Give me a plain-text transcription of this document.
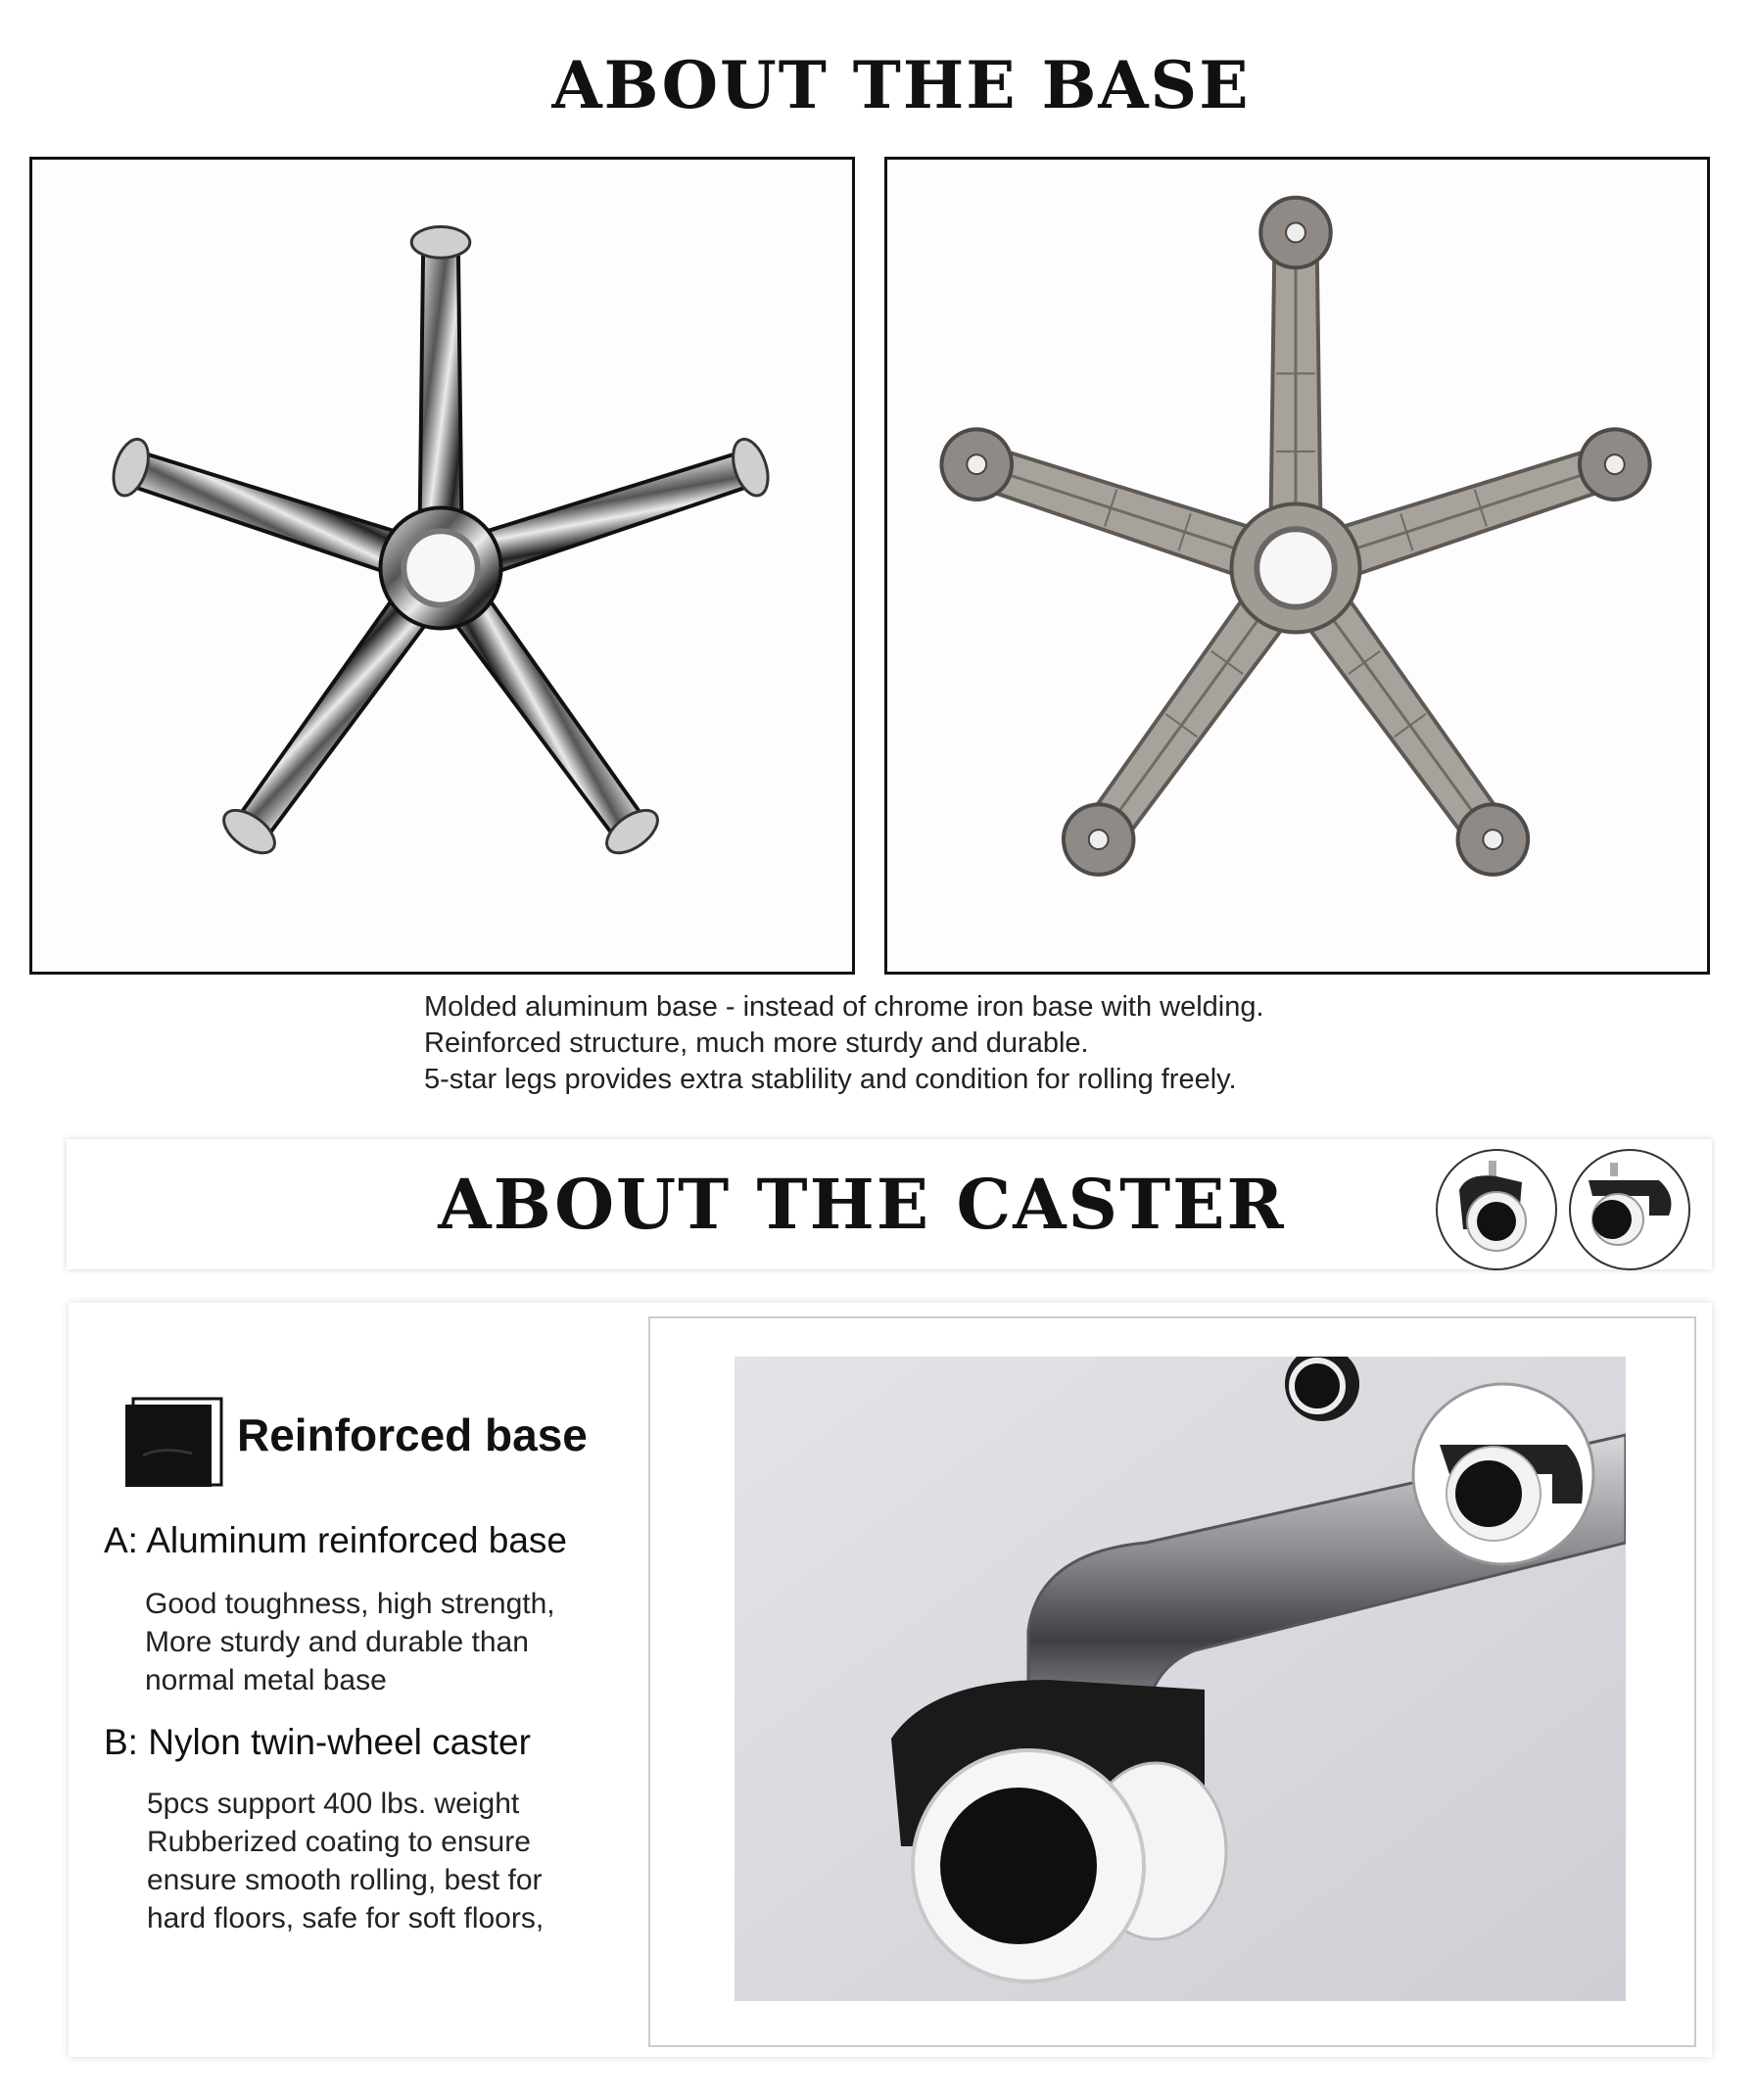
ABOUT THE BASE
Molded aluminum base - instead of chrome iron base with welding.
Reinforced structure, much more sturdy and durable.
5-star legs provides extra stablility and condition for rolling freely.
ABOUT THE CASTER
Reinforced base
A: Aluminum reinforced base
Good toughness, high strength,
More sturdy and durable than
normal metal base
B: Nylon twin-wheel caster
5pcs support 400 lbs. weight
Rubberized coating to ensure
ensure smooth rolling, best for
hard floors, safe for soft floors,
